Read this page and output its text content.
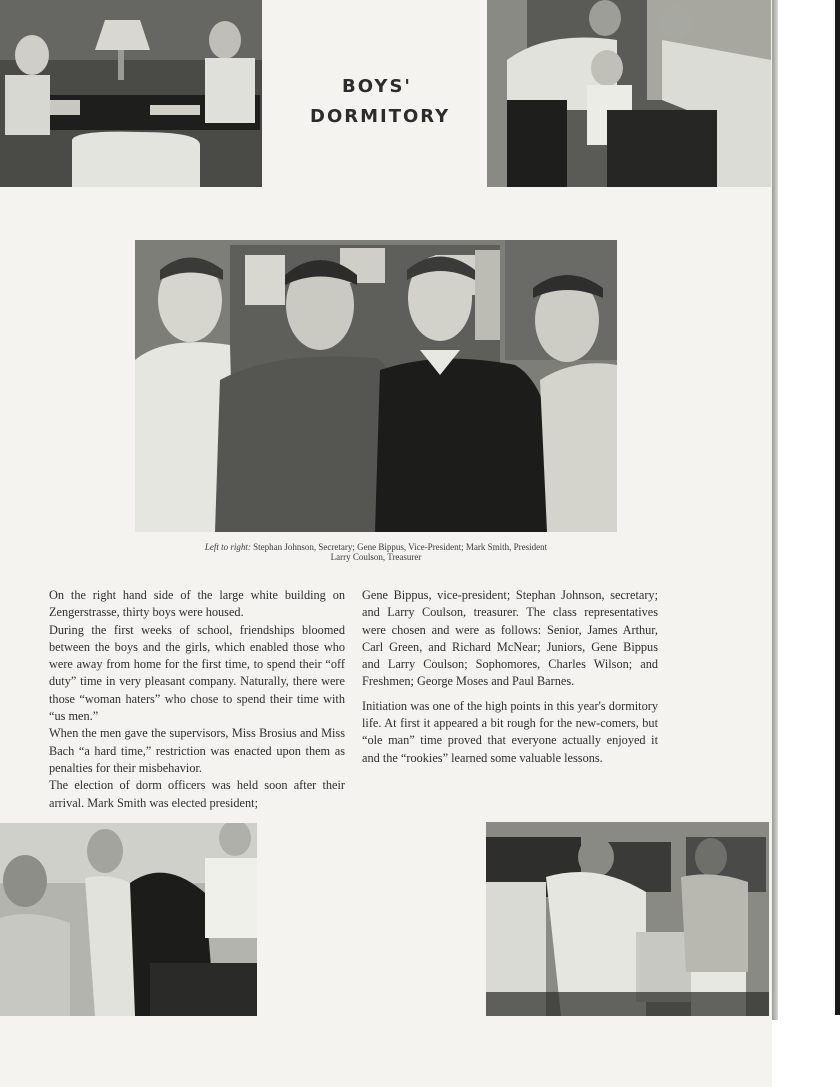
BOYS'
DORMITORY
Left to right: Stephan Johnson, Secretary; Gene Bippus, Vice-President; Mark Smith, President
Larry Coulson, Treasurer

On the right hand side of the large white building on Zengerstrasse, thirty boys were housed.

During the first weeks of school, friendships bloomed between the boys and the girls, which enabled those who were away from home for the first time, to spend their “off duty” time in very pleasant company. Naturally, there were those “woman haters” who chose to spend their time with “us men.”

When the men gave the supervisors, Miss Brosius and Miss Bach “a hard time,” restriction was enacted upon them as penalties for their misbehavior.

The election of dorm officers was held soon after their arrival. Mark Smith was elected president;

Gene Bippus, vice-president; Stephan Johnson, secretary; and Larry Coulson, treasurer. The class representatives were chosen and were as follows: Senior, James Arthur, Carl Green, and Richard McNear; Juniors, Gene Bippus and Larry Coulson; Sophomores, Charles Wilson; and Freshmen; George Moses and Paul Barnes.

Initiation was one of the high points in this year's dormitory life. At first it appeared a bit rough for the new-comers, but “ole man” time proved that everyone actually enjoyed it and the “rookies” learned some valuable lessons.
